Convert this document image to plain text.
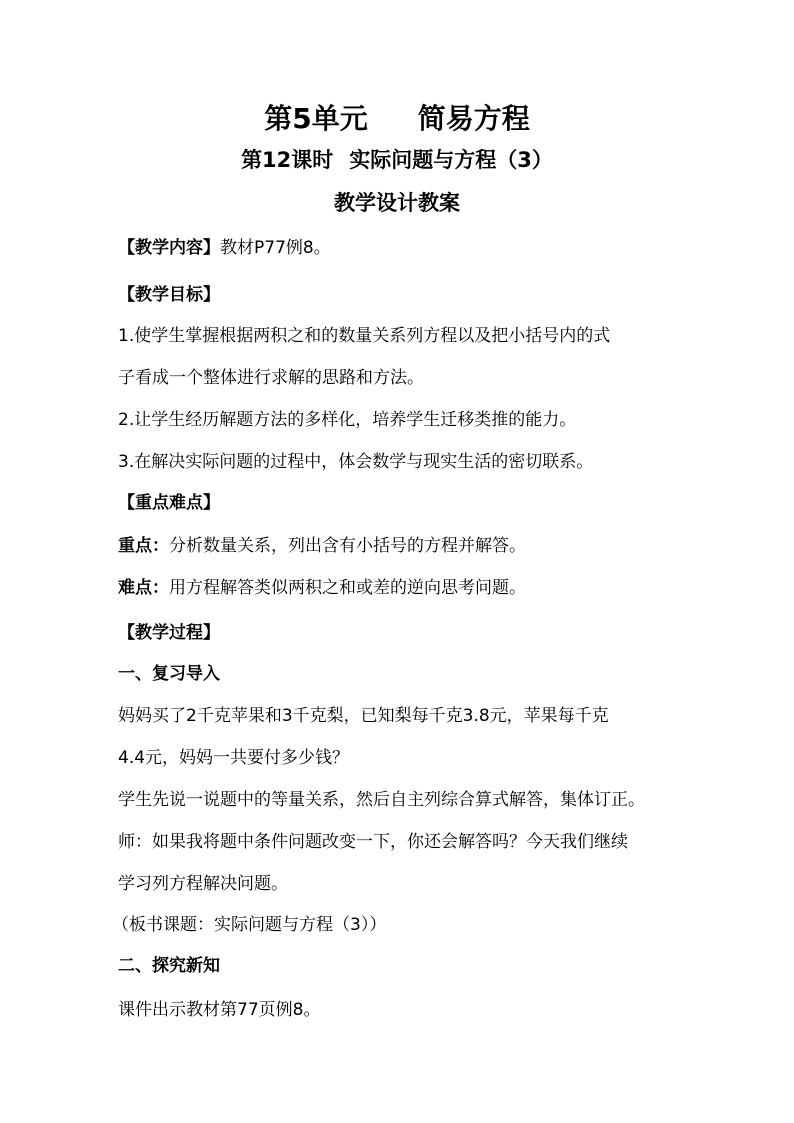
第5单元 简易方程
第12课时 实际问题与方程（3）
教学设计教案
【教学内容】教材P77例8。
【教学目标】
1.使学生掌握根据两积之和的数量关系列方程以及把小括号内的式
子看成一个整体进行求解的思路和方法。
2.让学生经历解题方法的多样化，培养学生迁移类推的能力。
3.在解决实际问题的过程中，体会数学与现实生活的密切联系。
【重点难点】
重点：分析数量关系，列出含有小括号的方程并解答。
难点：用方程解答类似两积之和或差的逆向思考问题。
【教学过程】
一、复习导入
妈妈买了2千克苹果和3千克梨，已知梨每千克3.8元，苹果每千克
4.4元，妈妈一共要付多少钱？
学生先说一说题中的等量关系，然后自主列综合算式解答，集体订正。
师：如果我将题中条件问题改变一下，你还会解答吗？今天我们继续
学习列方程解决问题。
（板书课题：实际问题与方程（3））
二、探究新知
课件出示教材第77页例8。
